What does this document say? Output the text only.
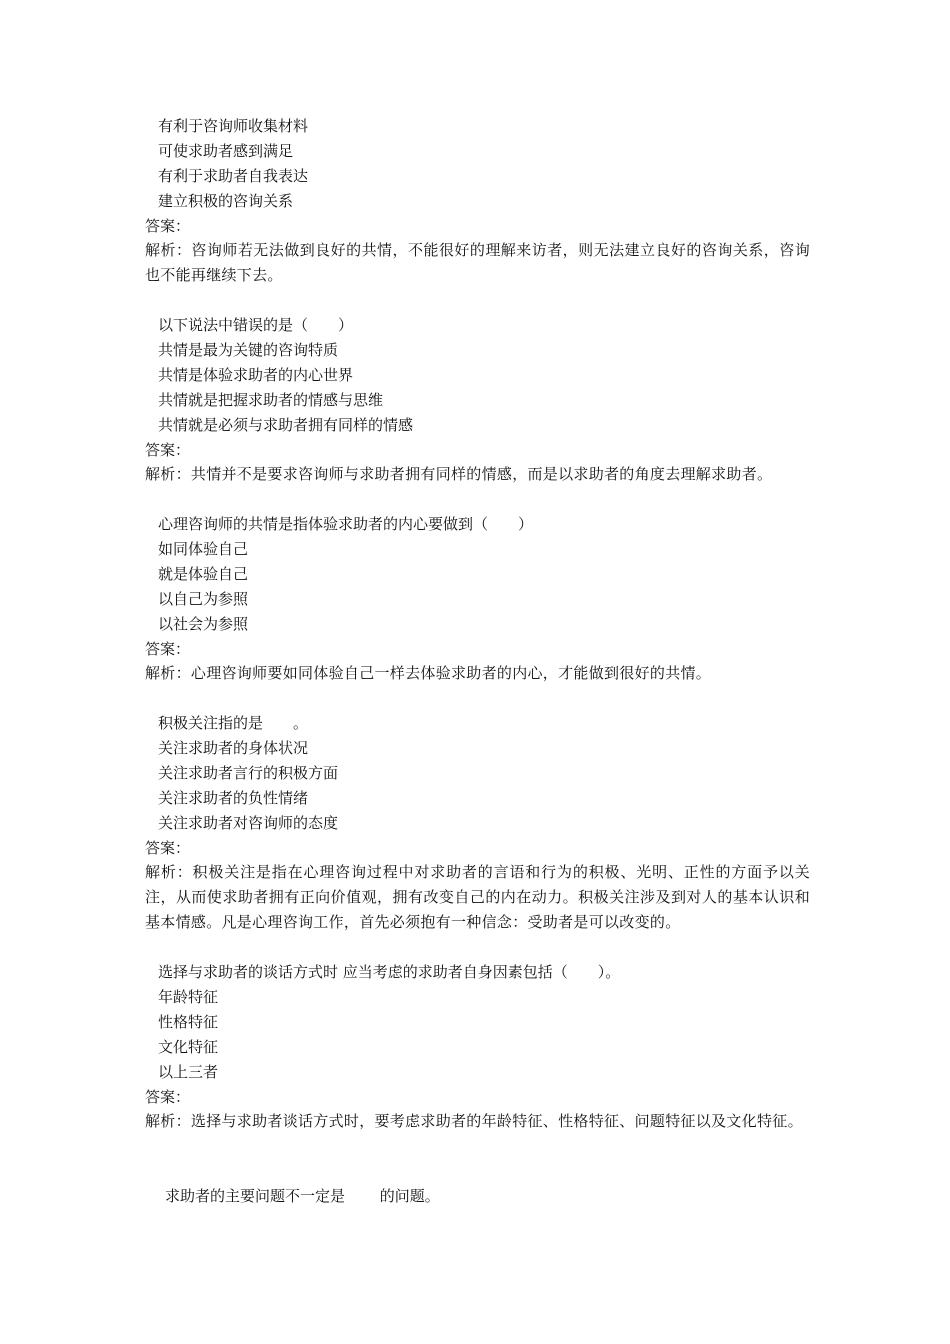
有利于咨询师收集材料

可使求助者感到满足

有利于求助者自我表达

建立积极的咨询关系

答案：

解析：咨询师若无法做到良好的共情，不能很好的理解来访者，则无法建立良好的咨询关系，咨询也不能再继续下去。

以下说法中错误的是（　　）

共情是最为关键的咨询特质

共情是体验求助者的内心世界

共情就是把握求助者的情感与思维

共情就是必须与求助者拥有同样的情感

答案：

解析：共情并不是要求咨询师与求助者拥有同样的情感，而是以求助者的角度去理解求助者。

心理咨询师的共情是指体验求助者的内心要做到（　　）

如同体验自己

就是体验自己

以自己为参照

以社会为参照

答案：

解析：心理咨询师要如同体验自己一样去体验求助者的内心，才能做到很好的共情。

积极关注指的是　　。

关注求助者的身体状况

关注求助者言行的积极方面

关注求助者的负性情绪

关注求助者对咨询师的态度

答案：

解析：积极关注是指在心理咨询过程中对求助者的言语和行为的积极、光明、正性的方面予以关注，从而使求助者拥有正向价值观，拥有改变自己的内在动力。积极关注涉及到对人的基本认识和基本情感。凡是心理咨询工作，首先必须抱有一种信念：受助者是可以改变的。

选择与求助者的谈话方式时 应当考虑的求助者自身因素包括（　　）。

年龄特征

性格特征

文化特征

以上三者

答案：

解析：选择与求助者谈话方式时，要考虑求助者的年龄特征、性格特征、问题特征以及文化特征。

求助者的主要问题不一定是　　 的问题。
